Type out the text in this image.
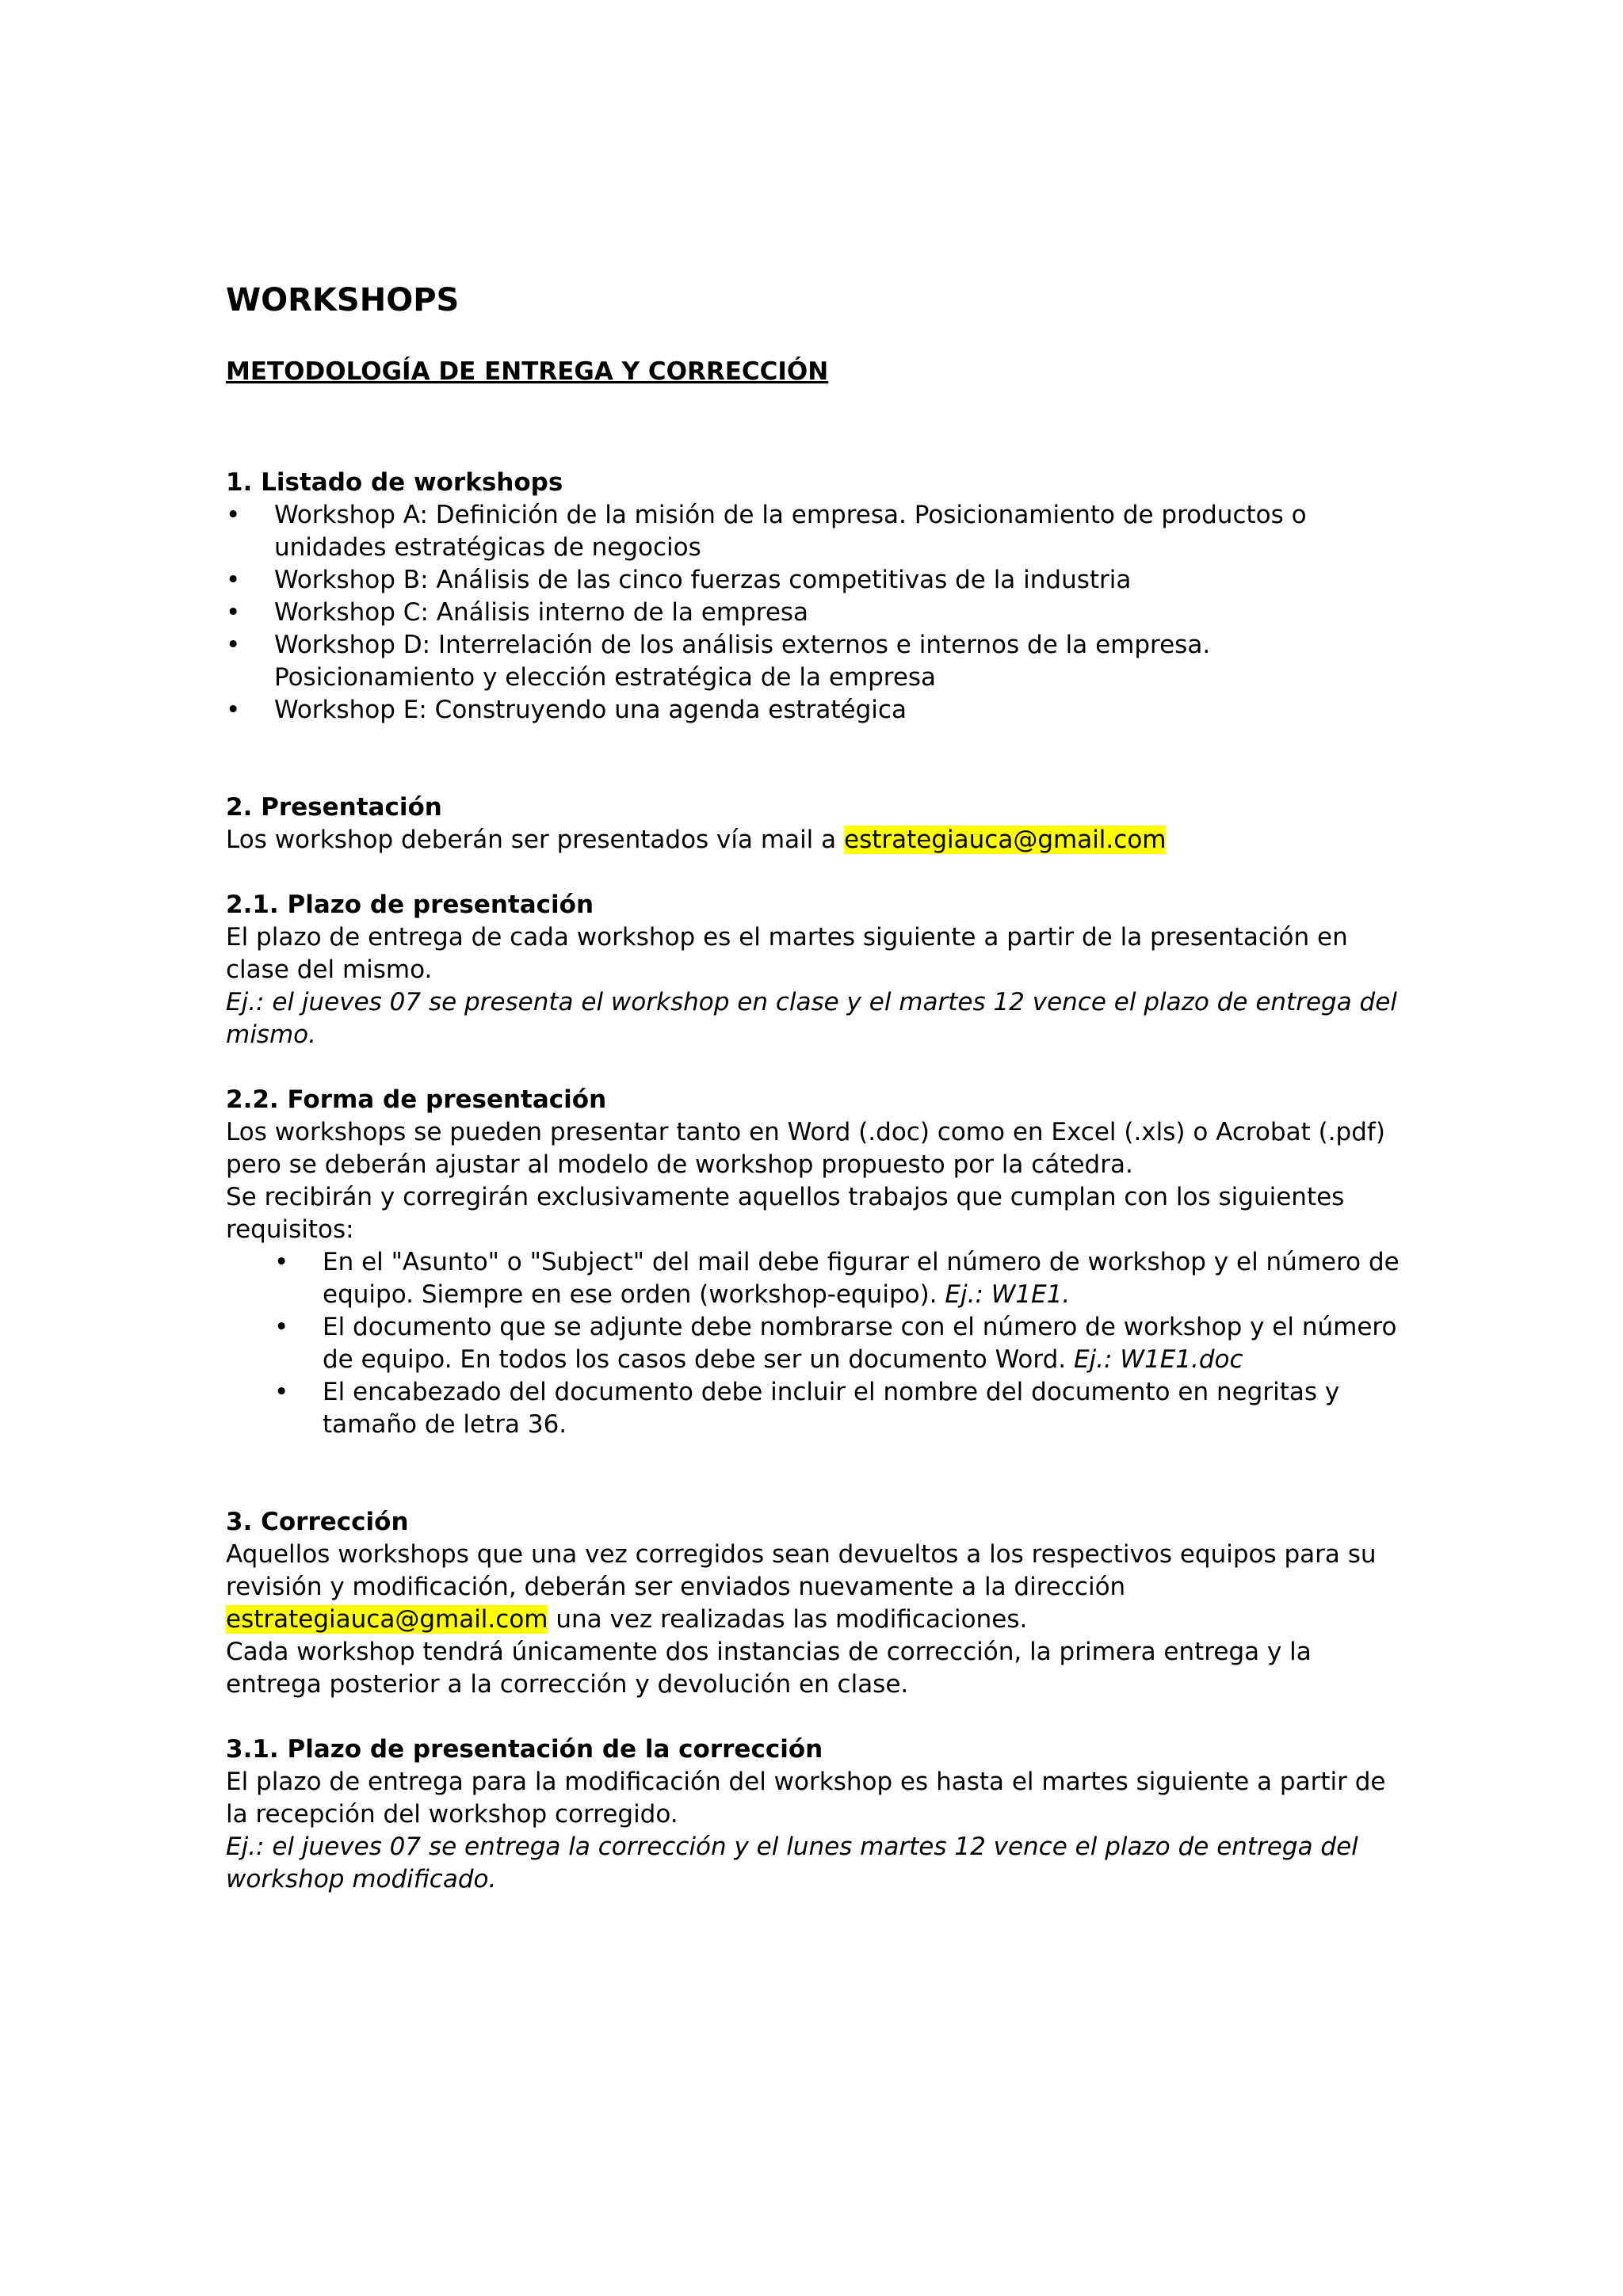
WORKSHOPS
METODOLOGÍA DE ENTREGA Y CORRECCIÓN
1. Listado de workshops
• Workshop A: Definición de la misión de la empresa. Posicionamiento de productos o unidades estratégicas de negocios
• Workshop B: Análisis de las cinco fuerzas competitivas de la industria
• Workshop C: Análisis interno de la empresa
• Workshop D: Interrelación de los análisis externos e internos de la empresa. Posicionamiento y elección estratégica de la empresa
• Workshop E: Construyendo una agenda estratégica
2. Presentación

Los workshop deberán ser presentados vía mail a estrategiauca@gmail.com

2.1. Plazo de presentación

El plazo de entrega de cada workshop es el martes siguiente a partir de la presentación en clase del mismo.

Ej.: el jueves 07 se presenta el workshop en clase y el martes 12 vence el plazo de entrega del mismo.

2.2. Forma de presentación

Los workshops se pueden presentar tanto en Word (.doc) como en Excel (.xls) o Acrobat (.pdf) pero se deberán ajustar al modelo de workshop propuesto por la cátedra.

Se recibirán y corregirán exclusivamente aquellos trabajos que cumplan con los siguientes requisitos:

• En el "Asunto" o "Subject" del mail debe figurar el número de workshop y el número de equipo. Siempre en ese orden (workshop-equipo). Ej.: W1E1.
• El documento que se adjunte debe nombrarse con el número de workshop y el número de equipo. En todos los casos debe ser un documento Word. Ej.: W1E1.doc
• El encabezado del documento debe incluir el nombre del documento en negritas y tamaño de letra 36.
3. Corrección

Aquellos workshops que una vez corregidos sean devueltos a los respectivos equipos para su revisión y modificación, deberán ser enviados nuevamente a la dirección estrategiauca@gmail.com una vez realizadas las modificaciones.

Cada workshop tendrá únicamente dos instancias de corrección, la primera entrega y la entrega posterior a la corrección y devolución en clase.

3.1. Plazo de presentación de la corrección

El plazo de entrega para la modificación del workshop es hasta el martes siguiente a partir de la recepción del workshop corregido.

Ej.: el jueves 07 se entrega la corrección y el lunes martes 12 vence el plazo de entrega del workshop modificado.
